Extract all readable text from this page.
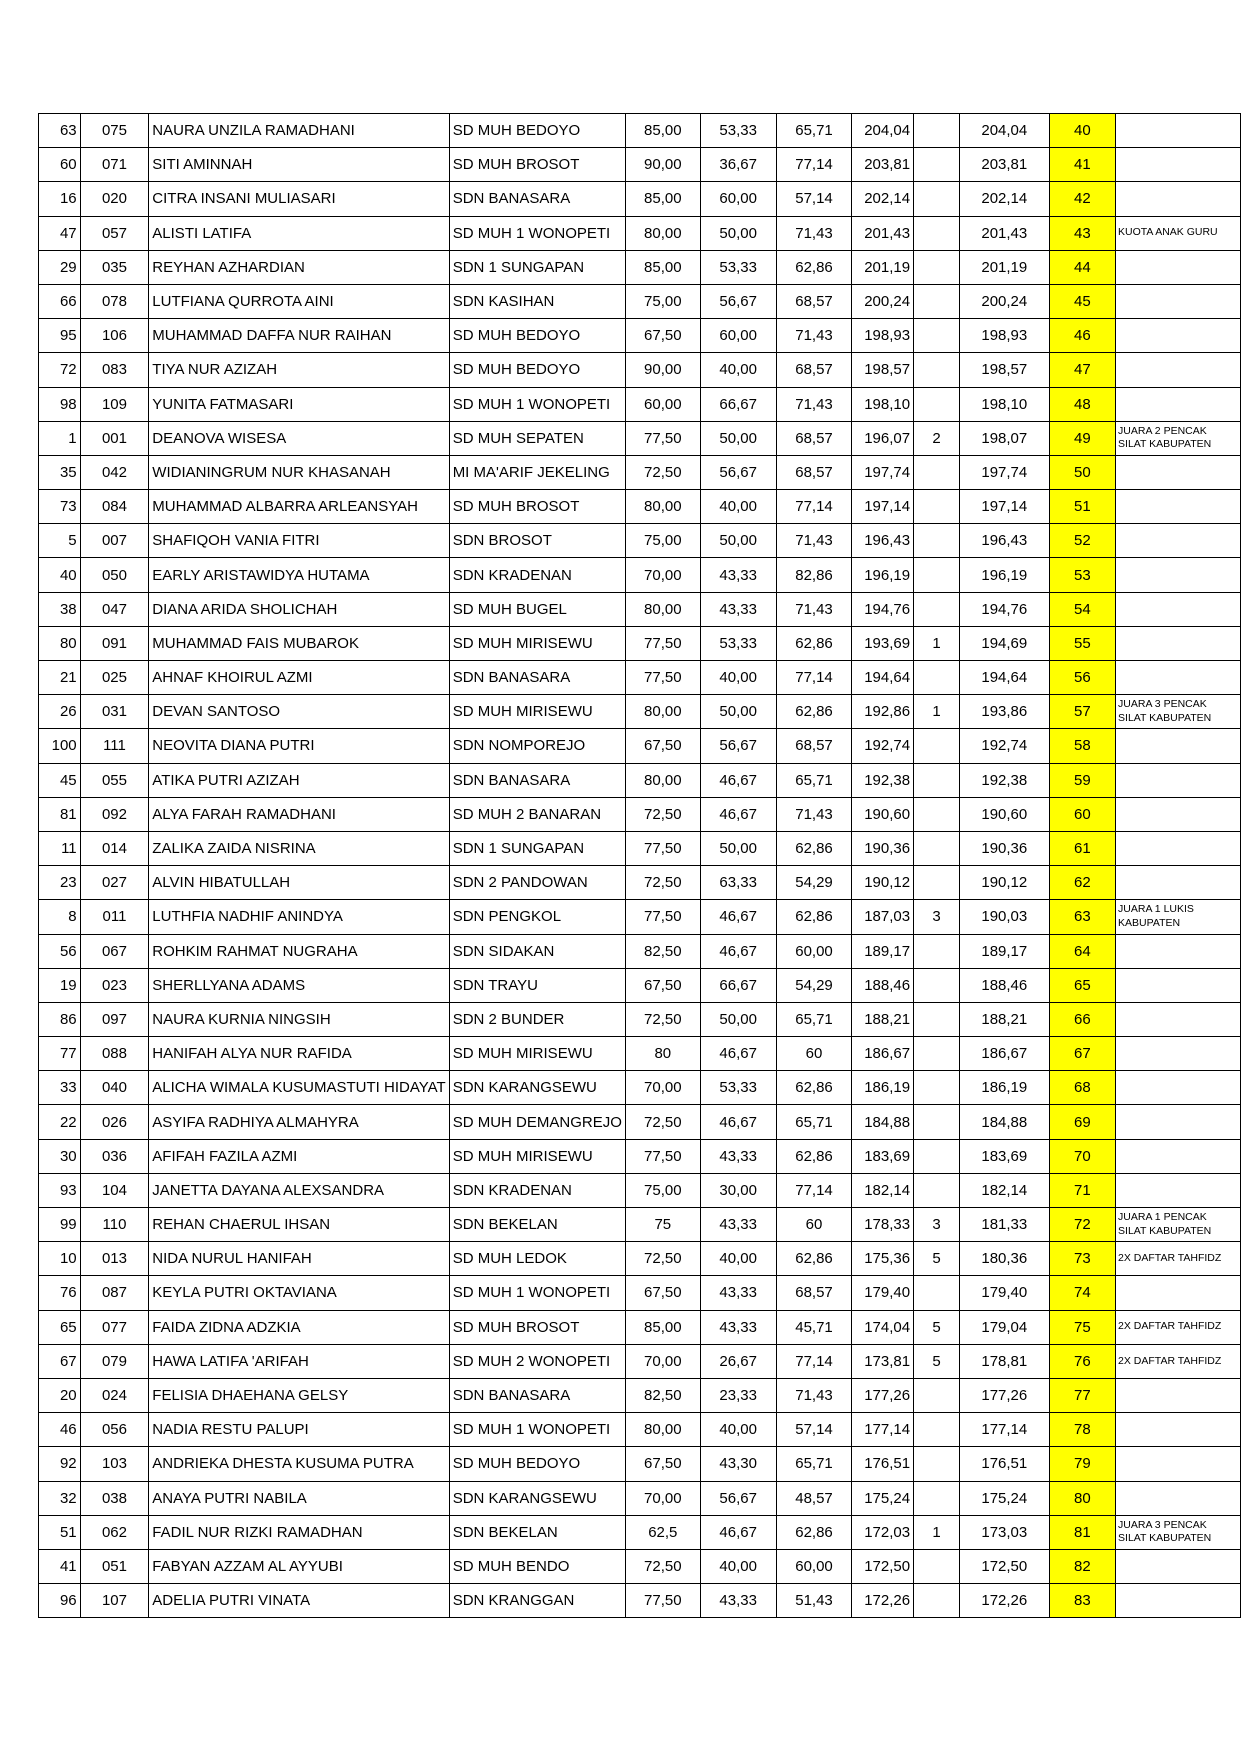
63	075	NAURA UNZILA RAMADHANI	SD MUH BEDOYO	85,00	53,33	65,71	204,04		204,04	40	
60	071	SITI AMINNAH	SD MUH BROSOT	90,00	36,67	77,14	203,81		203,81	41	
16	020	CITRA INSANI MULIASARI	SDN BANASARA	85,00	60,00	57,14	202,14		202,14	42	
47	057	ALISTI LATIFA	SD MUH 1 WONOPETI	80,00	50,00	71,43	201,43		201,43	43	KUOTA ANAK GURU
29	035	REYHAN AZHARDIAN	SDN 1 SUNGAPAN	85,00	53,33	62,86	201,19		201,19	44	
66	078	LUTFIANA QURROTA AINI	SDN KASIHAN	75,00	56,67	68,57	200,24		200,24	45	
95	106	MUHAMMAD DAFFA NUR RAIHAN	SD MUH BEDOYO	67,50	60,00	71,43	198,93		198,93	46	
72	083	TIYA NUR AZIZAH	SD MUH BEDOYO	90,00	40,00	68,57	198,57		198,57	47	
98	109	YUNITA FATMASARI	SD MUH 1 WONOPETI	60,00	66,67	71,43	198,10		198,10	48	
1	001	DEANOVA WISESA	SD MUH SEPATEN	77,50	50,00	68,57	196,07	2	198,07	49	JUARA 2 PENCAK SILAT KABUPATEN
35	042	WIDIANINGRUM NUR KHASANAH	MI MA'ARIF JEKELING	72,50	56,67	68,57	197,74		197,74	50	
73	084	MUHAMMAD ALBARRA ARLEANSYAH	SD MUH BROSOT	80,00	40,00	77,14	197,14		197,14	51	
5	007	SHAFIQOH VANIA FITRI	SDN BROSOT	75,00	50,00	71,43	196,43		196,43	52	
40	050	EARLY ARISTAWIDYA HUTAMA	SDN KRADENAN	70,00	43,33	82,86	196,19		196,19	53	
38	047	DIANA ARIDA SHOLICHAH	SD MUH BUGEL	80,00	43,33	71,43	194,76		194,76	54	
80	091	MUHAMMAD FAIS MUBAROK	SD MUH MIRISEWU	77,50	53,33	62,86	193,69	1	194,69	55	
21	025	AHNAF KHOIRUL AZMI	SDN BANASARA	77,50	40,00	77,14	194,64		194,64	56	
26	031	DEVAN SANTOSO	SD MUH MIRISEWU	80,00	50,00	62,86	192,86	1	193,86	57	JUARA 3 PENCAK SILAT KABUPATEN
100	111	NEOVITA DIANA PUTRI	SDN NOMPOREJO	67,50	56,67	68,57	192,74		192,74	58	
45	055	ATIKA PUTRI AZIZAH	SDN BANASARA	80,00	46,67	65,71	192,38		192,38	59	
81	092	ALYA FARAH RAMADHANI	SD MUH 2 BANARAN	72,50	46,67	71,43	190,60		190,60	60	
11	014	ZALIKA ZAIDA NISRINA	SDN 1 SUNGAPAN	77,50	50,00	62,86	190,36		190,36	61	
23	027	ALVIN HIBATULLAH	SDN 2 PANDOWAN	72,50	63,33	54,29	190,12		190,12	62	
8	011	LUTHFIA NADHIF ANINDYA	SDN PENGKOL	77,50	46,67	62,86	187,03	3	190,03	63	JUARA 1 LUKIS KABUPATEN
56	067	ROHKIM RAHMAT NUGRAHA	SDN SIDAKAN	82,50	46,67	60,00	189,17		189,17	64	
19	023	SHERLLYANA ADAMS	SDN TRAYU	67,50	66,67	54,29	188,46		188,46	65	
86	097	NAURA KURNIA NINGSIH	SDN 2 BUNDER	72,50	50,00	65,71	188,21		188,21	66	
77	088	HANIFAH ALYA NUR RAFIDA	SD MUH MIRISEWU	80	46,67	60	186,67		186,67	67	
33	040	ALICHA WIMALA KUSUMASTUTI HIDAYAT	SDN KARANGSEWU	70,00	53,33	62,86	186,19		186,19	68	
22	026	ASYIFA RADHIYA ALMAHYRA	SD MUH DEMANGREJO	72,50	46,67	65,71	184,88		184,88	69	
30	036	AFIFAH FAZILA AZMI	SD MUH MIRISEWU	77,50	43,33	62,86	183,69		183,69	70	
93	104	JANETTA DAYANA ALEXSANDRA	SDN KRADENAN	75,00	30,00	77,14	182,14		182,14	71	
99	110	REHAN CHAERUL IHSAN	SDN BEKELAN	75	43,33	60	178,33	3	181,33	72	JUARA 1 PENCAK SILAT KABUPATEN
10	013	NIDA NURUL HANIFAH	SD MUH LEDOK	72,50	40,00	62,86	175,36	5	180,36	73	2X DAFTAR TAHFIDZ
76	087	KEYLA PUTRI OKTAVIANA	SD MUH 1 WONOPETI	67,50	43,33	68,57	179,40		179,40	74	
65	077	FAIDA ZIDNA ADZKIA	SD MUH BROSOT	85,00	43,33	45,71	174,04	5	179,04	75	2X DAFTAR TAHFIDZ
67	079	HAWA LATIFA 'ARIFAH	SD MUH 2 WONOPETI	70,00	26,67	77,14	173,81	5	178,81	76	2X DAFTAR TAHFIDZ
20	024	FELISIA DHAEHANA GELSY	SDN BANASARA	82,50	23,33	71,43	177,26		177,26	77	
46	056	NADIA RESTU PALUPI	SD MUH 1 WONOPETI	80,00	40,00	57,14	177,14		177,14	78	
92	103	ANDRIEKA DHESTA KUSUMA PUTRA	SD MUH BEDOYO	67,50	43,30	65,71	176,51		176,51	79	
32	038	ANAYA PUTRI NABILA	SDN KARANGSEWU	70,00	56,67	48,57	175,24		175,24	80	
51	062	FADIL NUR RIZKI RAMADHAN	SDN BEKELAN	62,5	46,67	62,86	172,03	1	173,03	81	JUARA 3 PENCAK SILAT KABUPATEN
41	051	FABYAN AZZAM AL AYYUBI	SD MUH BENDO	72,50	40,00	60,00	172,50		172,50	82	
96	107	ADELIA PUTRI VINATA	SDN KRANGGAN	77,50	43,33	51,43	172,26		172,26	83	
